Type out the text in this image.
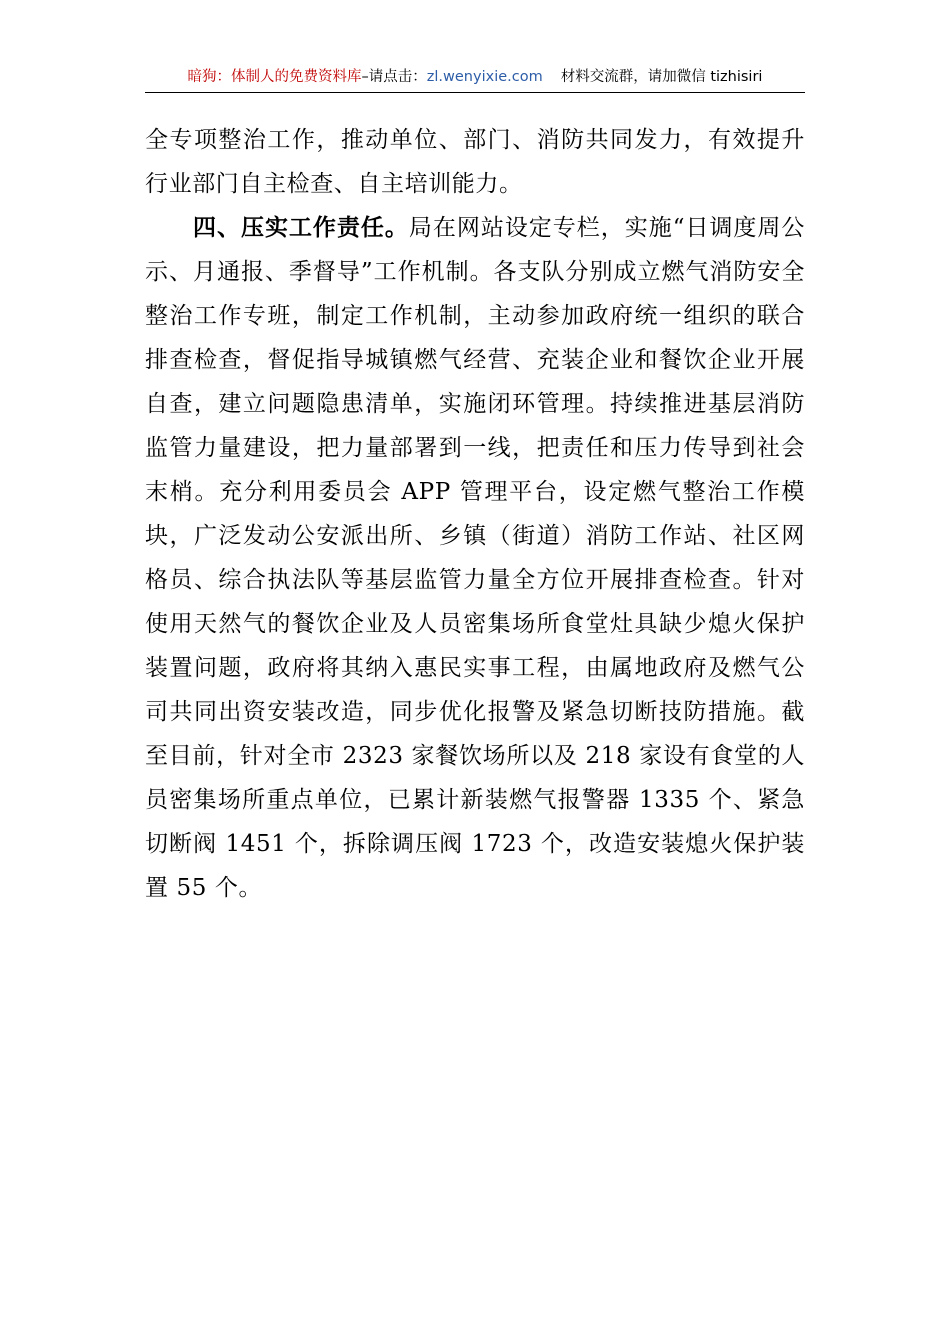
暗狗：体制人的免费资料库 –请点击： zl.wenyixie.com 材料交流群，请加微信 tizhisiri

全专项整治工作，推动单位、部门、消防共同发力，有效提升行业部门自主检查、自主培训能力。

四、压实工作责任。局在网站设定专栏，实施“日调度周公示、月通报、季督导”工作机制。各支队分别成立燃气消防安全整治工作专班，制定工作机制，主动参加政府统一组织的联合排查检查，督促指导城镇燃气经营、充装企业和餐饮企业开展自查，建立问题隐患清单，实施闭环管理。持续推进基层消防监管力量建设，把力量部署到一线，把责任和压力传导到社会末梢。充分利用委员会 APP 管理平台，设定燃气整治工作模块，广泛发动公安派出所、乡镇（街道）消防工作站、社区网格员、综合执法队等基层监管力量全方位开展排查检查。针对使用天然气的餐饮企业及人员密集场所食堂灶具缺少熄火保护装置问题，政府将其纳入惠民实事工程，由属地政府及燃气公司共同出资安装改造，同步优化报警及紧急切断技防措施。截至目前，针对全市 2323 家餐饮场所以及 218 家设有食堂的人员密集场所重点单位，已累计新装燃气报警器 1335 个、紧急切断阀 1451 个，拆除调压阀 1723 个，改造安装熄火保护装置 55 个。
